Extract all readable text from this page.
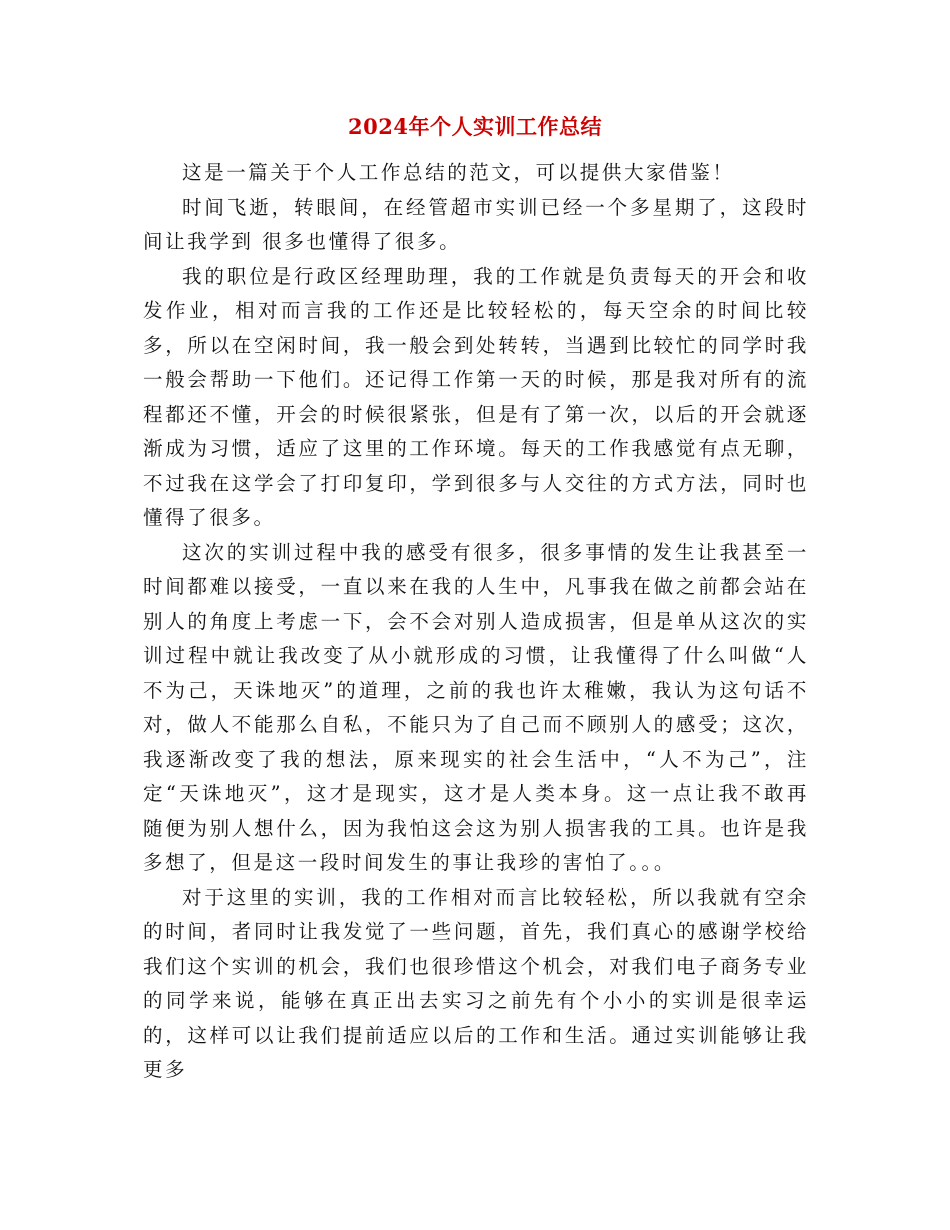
2024年个人实训工作总结

这是一篇关于个人工作总结的范文，可以提供大家借鉴！

时间飞逝，转眼间，在经管超市实训已经一个多星期了，这段时间让我学到 很多也懂得了很多。

我的职位是行政区经理助理，我的工作就是负责每天的开会和收发作业，相对而言我的工作还是比较轻松的，每天空余的时间比较多，所以在空闲时间，我一般会到处转转，当遇到比较忙的同学时我一般会帮助一下他们。还记得工作第一天的时候，那是我对所有的流程都还不懂，开会的时候很紧张，但是有了第一次，以后的开会就逐渐成为习惯，适应了这里的工作环境。每天的工作我感觉有点无聊，不过我在这学会了打印复印，学到很多与人交往的方式方法，同时也懂得了很多。

这次的实训过程中我的感受有很多，很多事情的发生让我甚至一时间都难以接受，一直以来在我的人生中，凡事我在做之前都会站在别人的角度上考虑一下，会不会对别人造成损害，但是单从这次的实训过程中就让我改变了从小就形成的习惯，让我懂得了什么叫做“人不为己，天诛地灭”的道理，之前的我也许太稚嫩，我认为这句话不对，做人不能那么自私，不能只为了自己而不顾别人的感受；这次，我逐渐改变了我的想法，原来现实的社会生活中，“人不为己”，注定“天诛地灭”，这才是现实，这才是人类本身。这一点让我不敢再随便为别人想什么，因为我怕这会这为别人损害我的工具。也许是我多想了，但是这一段时间发生的事让我珍的害怕了。。。

对于这里的实训，我的工作相对而言比较轻松，所以我就有空余的时间，者同时让我发觉了一些问题，首先，我们真心的感谢学校给我们这个实训的机会，我们也很珍惜这个机会，对我们电子商务专业的同学来说，能够在真正出去实习之前先有个小小的实训是很幸运的，这样可以让我们提前适应以后的工作和生活。通过实训能够让我更多
